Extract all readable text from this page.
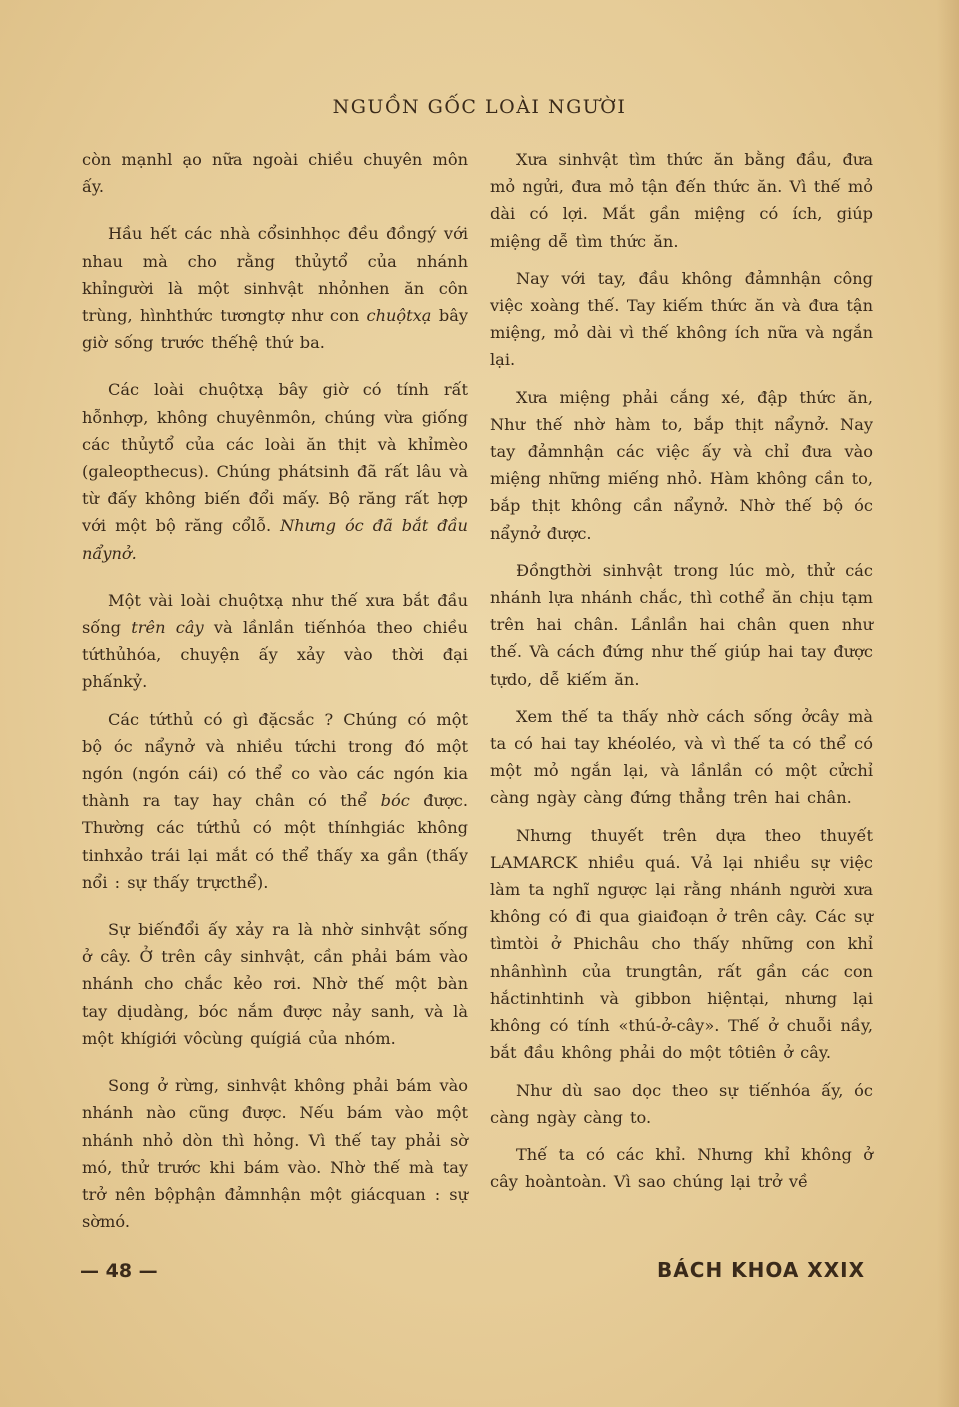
NGUỒN GỐC LOÀI NGƯỜI

còn mạnhl ạo nữa ngoài chiều chuyên môn ấy.

Hầu hết các nhà cổsinhhọc đều đồngý với nhau mà cho rằng thủytổ của nhánh khỉngười là một sinhvật nhỏnhen ăn côn trùng, hìnhthức tươngtợ như con chuộtxạ bây giờ sống trước thếhệ thứ ba.

Các loài chuộtxạ bây giờ có tính rất hỗnhợp, không chuyênmôn, chúng vừa giống các thủytổ của các loài ăn thịt và khỉmèo (galeopthecus). Chúng phátsinh đã rất lâu và từ đấy không biến đổi mấy. Bộ răng rất hợp với một bộ răng cổlỗ. Nhưng óc đã bắt đầu nẩynở.

Một vài loài chuộtxạ như thế xưa bắt đầu sống trên cây và lầnlần tiếnhóa theo chiều tứthủhóa, chuyện ấy xảy vào thời đại phấnkỷ.

Các tứthủ có gì đặcsắc ? Chúng có một bộ óc nẩynở và nhiều tứchi trong đó một ngón (ngón cái) có thể co vào các ngón kia thành ra tay hay chân có thể bóc được. Thường các tứthủ có một thínhgiác không tinhxảo trái lại mắt có thể thấy xa gần (thấy nổi : sự thấy trựcthể).

Sự biếnđổi ấy xảy ra là nhờ sinhvật sống ở cây. Ở trên cây sinhvật, cần phải bám vào nhánh cho chắc kẻo rơi. Nhờ thế một bàn tay dịudàng, bóc nắm được nảy sanh, và là một khígiới vôcùng quígiá của nhóm.

Song ở rừng, sinhvật không phải bám vào nhánh nào cũng được. Nếu bám vào một nhánh nhỏ dòn thì hỏng. Vì thế tay phải sờ mó, thử trước khi bám vào. Nhờ thế mà tay trở nên bộphận đảmnhận một giácquan : sự sờmó.

Xưa sinhvật tìm thức ăn bằng đầu, đưa mỏ ngửi, đưa mỏ tận đến thức ăn. Vì thế mỏ dài có lợi. Mắt gần miệng có ích, giúp miệng dễ tìm thức ăn.

Nay với tay, đầu không đảmnhận công việc xoàng thế. Tay kiếm thức ăn và đưa tận miệng, mỏ dài vì thế không ích nữa và ngắn lại.

Xưa miệng phải cắng xé, đập thức ăn, Như thế nhờ hàm to, bắp thịt nẩynở. Nay tay đảmnhận các việc ấy và chỉ đưa vào miệng những miếng nhỏ. Hàm không cần to, bắp thịt không cần nẩynở. Nhờ thế bộ óc nẩynở được.

Đồngthời sinhvật trong lúc mò, thử các nhánh lựa nhánh chắc, thì cothể ăn chịu tạm trên hai chân. Lầnlần hai chân quen như thế. Và cách đứng như thế giúp hai tay được tựdo, dễ kiếm ăn.

Xem thế ta thấy nhờ cách sống ởcây mà ta có hai tay khéoléo, và vì thế ta có thể có một mỏ ngắn lại, và lầnlần có một cửchỉ càng ngày càng đứng thẳng trên hai chân.

Nhưng thuyết trên dựa theo thuyết LAMARCK nhiều quá. Vả lại nhiều sự việc làm ta nghĩ ngược lại rằng nhánh người xưa không có đi qua giaiđoạn ở trên cây. Các sự tìmtòi ở Phichâu cho thấy những con khỉ nhânhình của trungtân, rất gần các con hắctinhtinh và gibbon hiệntại, nhưng lại không có tính «thú-ở-cây». Thế ở chuỗi nầy, bắt đầu không phải do một tôtiên ở cây.

Như dù sao dọc theo sự tiếnhóa ấy, óc càng ngày càng to.

Thế ta có các khỉ. Nhưng khỉ không ở cây hoàntoàn. Vì sao chúng lại trở về

— 48 —	BÁCH KHOA XXIX
